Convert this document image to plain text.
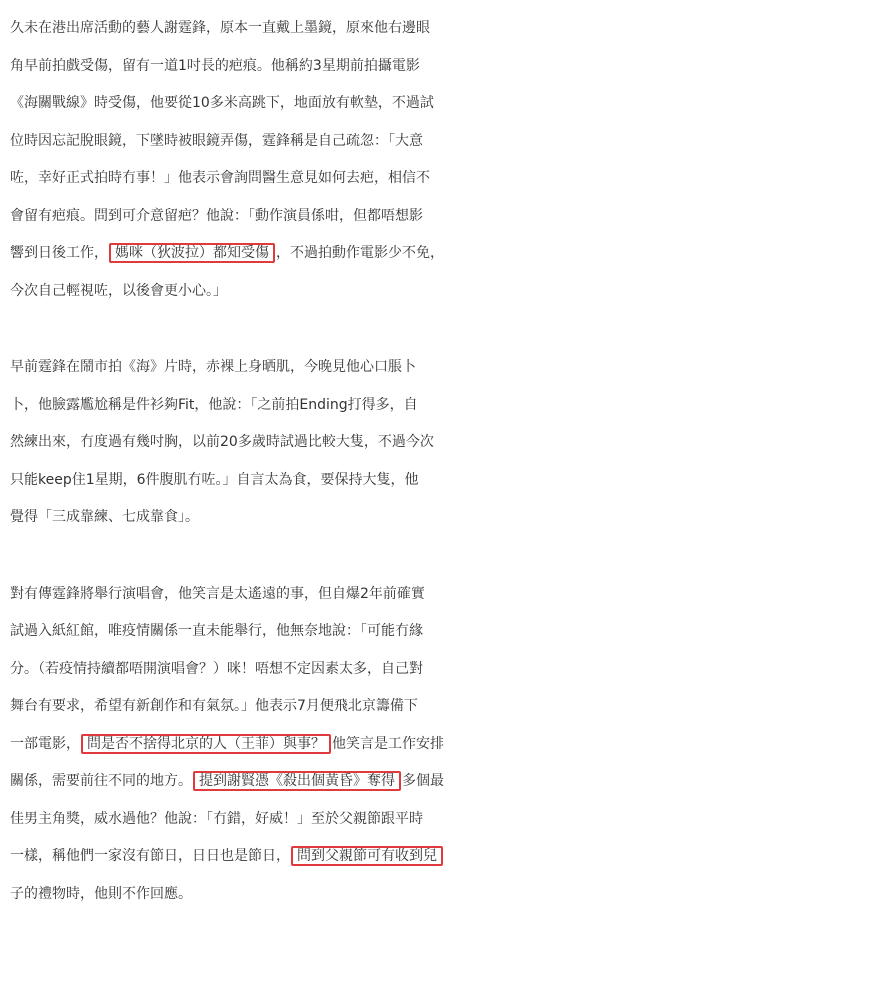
久未在港出席活動的藝人謝霆鋒，原本一直戴上墨鏡，原來他右邊眼
角早前拍戲受傷，留有一道1吋長的疤痕。他稱約3星期前拍攝電影
《海關戰線》時受傷，他要從10多米高跳下，地面放有軟墊，不過試
位時因忘記脫眼鏡，下墜時被眼鏡弄傷，霆鋒稱是自己疏忽：「大意
咗，幸好正式拍時冇事！」他表示會詢問醫生意見如何去疤，相信不
會留有疤痕。問到可介意留疤？他說：「動作演員係咁，但都唔想影
響到日後工作， 媽咪（狄波拉）都知受傷 ，不過拍動作電影少不免，
今次自己輕視咗，以後會更小心。」
早前霆鋒在鬧市拍《海》片時，赤裸上身晒肌，今晚見他心口脹卜
卜，他臉露尷尬稱是件衫夠Fit，他說：「之前拍Ending打得多，自
然練出來，冇度過有幾吋胸，以前20多歲時試過比較大隻，不過今次
只能keep住1星期，6件腹肌冇咗。」自言太為食，要保持大隻，他
覺得「三成靠練、七成靠食」。
對有傳霆鋒將舉行演唱會，他笑言是太遙遠的事，但自爆2年前確實
試過入紙紅館，唯疫情關係一直未能舉行，他無奈地說：「可能冇緣
分。（若疫情持續都唔開演唱會？）咪！唔想不定因素太多，自己對
舞台有要求，希望有新創作和有氣氛。」他表示7月便飛北京籌備下
一部電影， 問是否不捨得北京的人（王菲）與事？ 他笑言是工作安排
關係，需要前往不同的地方。 提到謝賢憑《殺出個黃昏》奪得 多個最
佳男主角獎，威水過他？他說：「冇錯，好威！」至於父親節跟平時
一樣，稱他們一家沒有節日，日日也是節日， 問到父親節可有收到兒
子的禮物時，他則不作回應。
